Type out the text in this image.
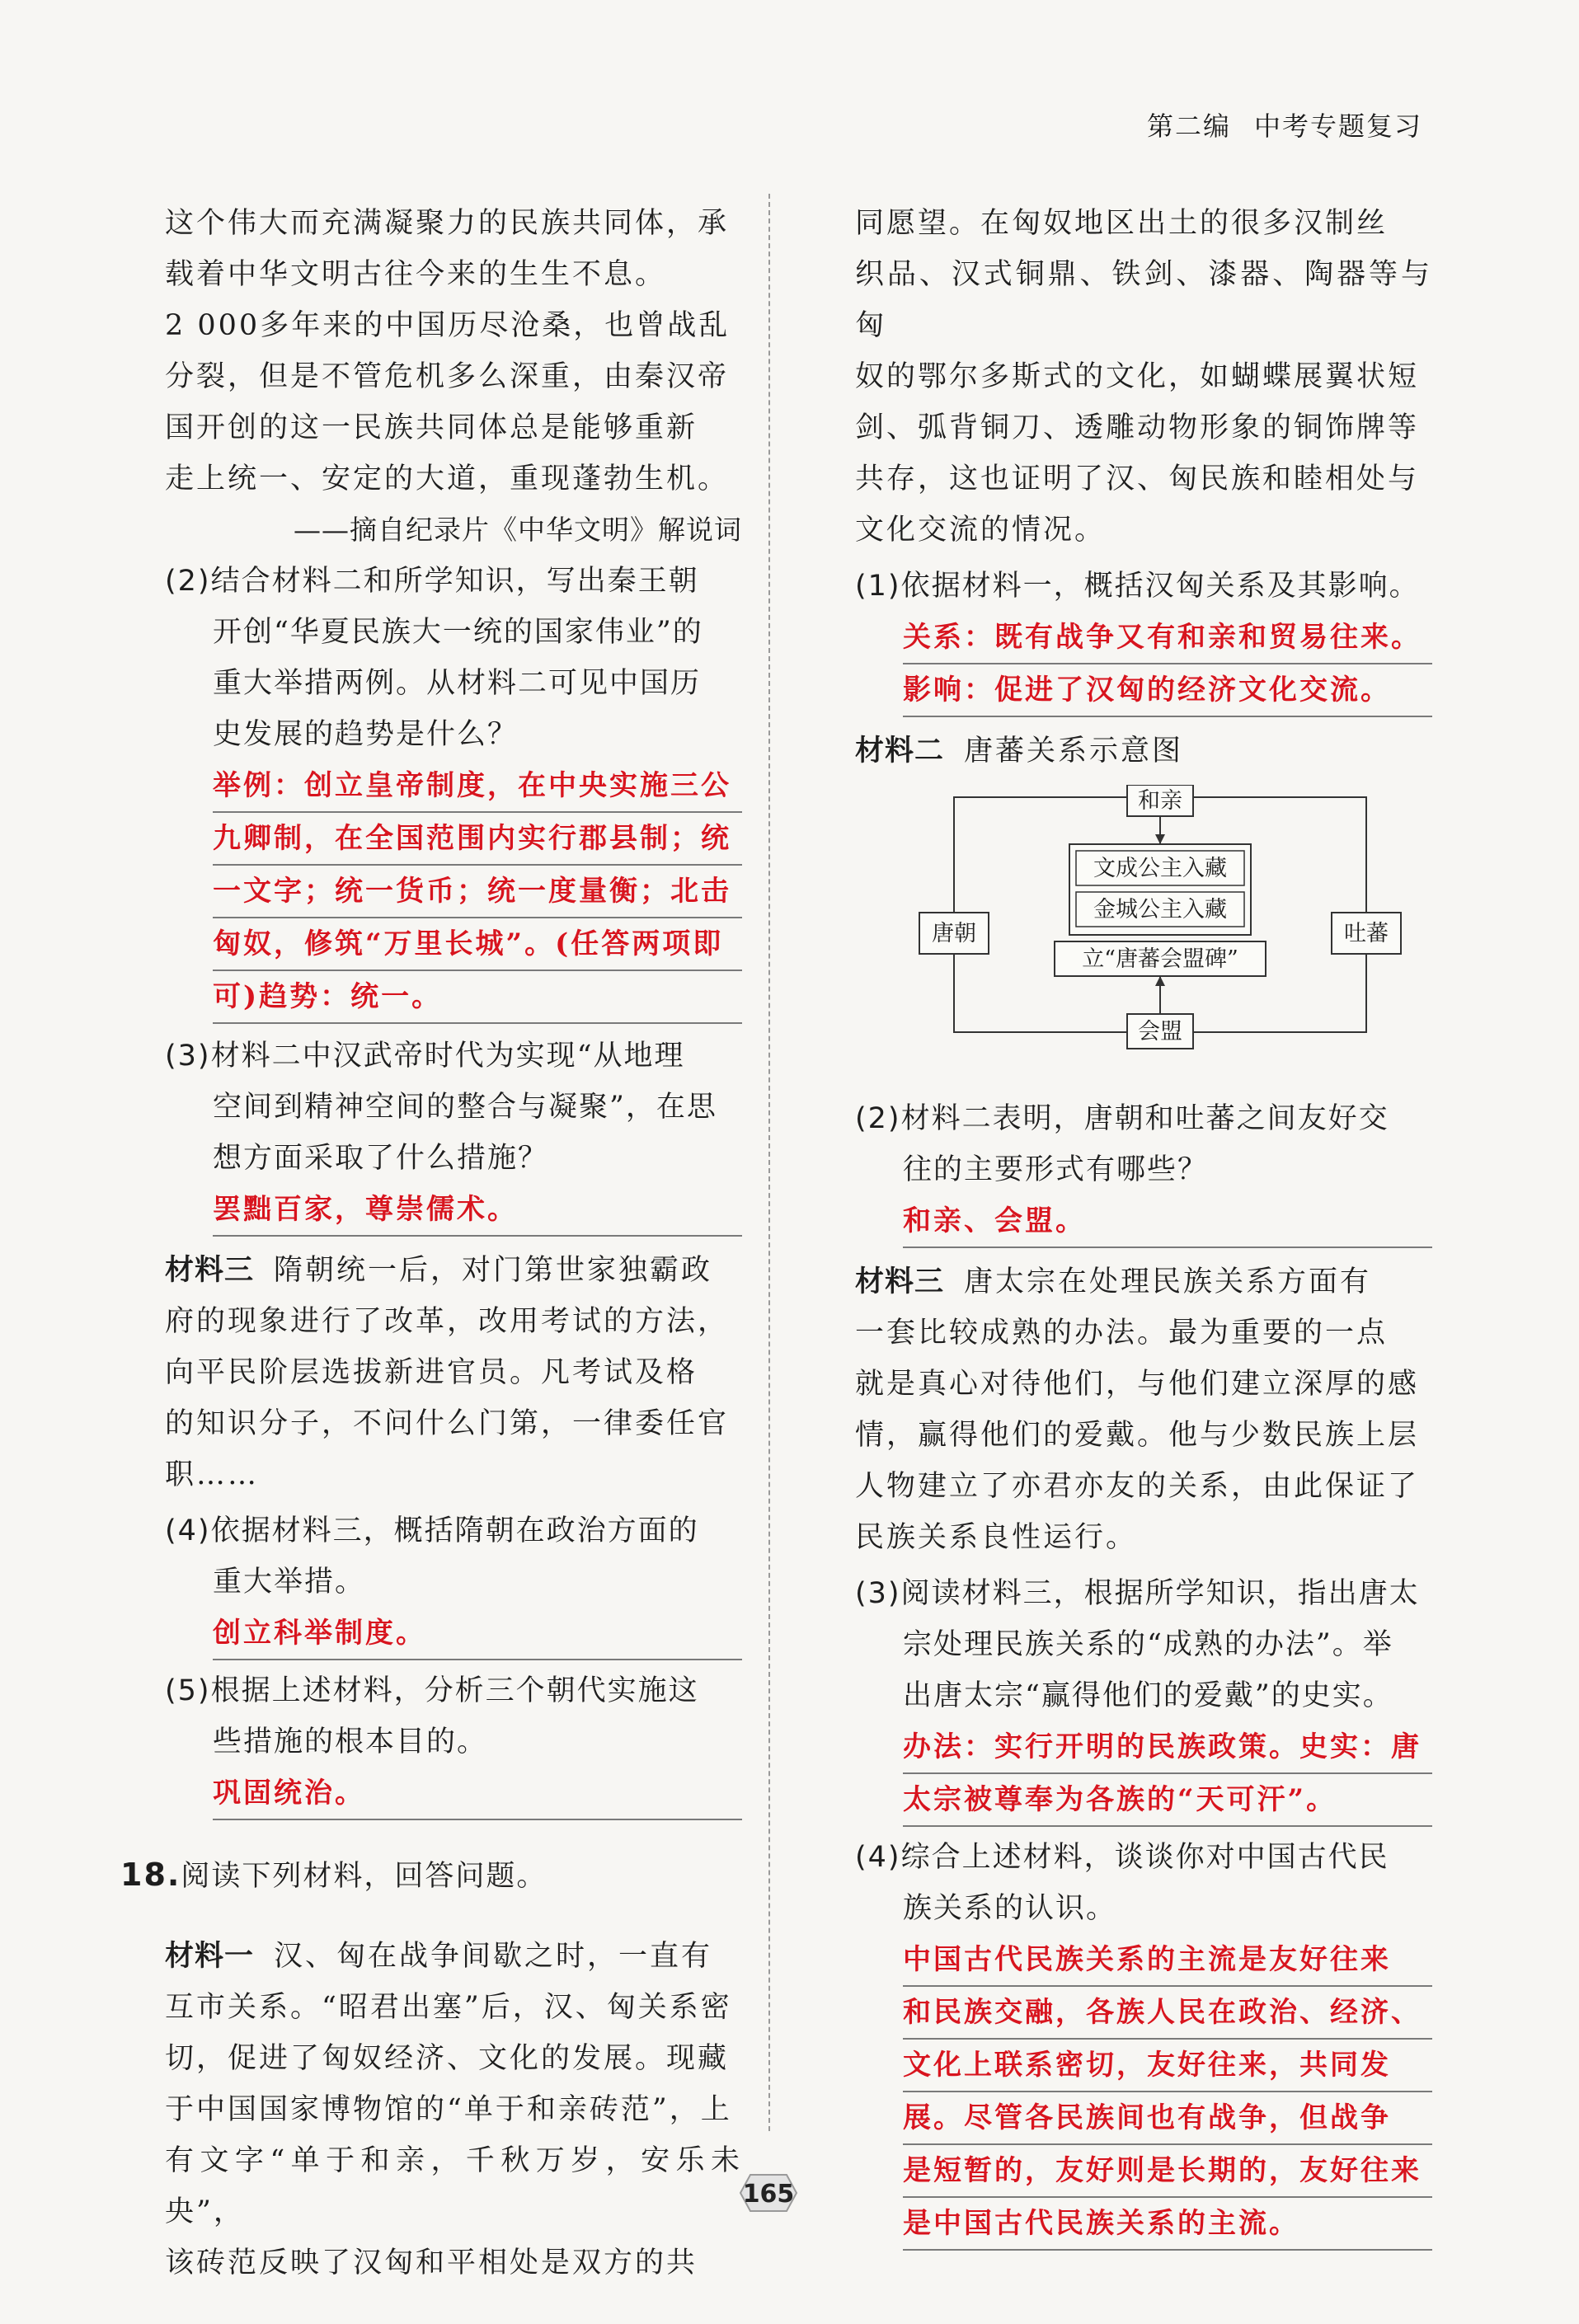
第二编 中考专题复习

这个伟大而充满凝聚力的民族共同体，承

载着中华文明古往今来的生生不息。

2 000多年来的中国历尽沧桑，也曾战乱

分裂，但是不管危机多么深重，由秦汉帝

国开创的这一民族共同体总是能够重新

走上统一、安定的大道，重现蓬勃生机。

——摘自纪录片《中华文明》解说词

(2)结合材料二和所学知识，写出秦王朝

开创“华夏民族大一统的国家伟业”的

重大举措两例。从材料二可见中国历

史发展的趋势是什么？

举例：创立皇帝制度，在中央实施三公
九卿制，在全国范围内实行郡县制；统
一文字；统一货币；统一度量衡；北击
匈奴，修筑“万里长城”。(任答两项即
可)趋势：统一。

(3)材料二中汉武帝时代为实现“从地理

空间到精神空间的整合与凝聚”，在思

想方面采取了什么措施？

罢黜百家，尊崇儒术。

材料三 隋朝统一后，对门第世家独霸政

府的现象进行了改革，改用考试的方法，

向平民阶层选拔新进官员。凡考试及格

的知识分子，不问什么门第，一律委任官

职……

(4)依据材料三，概括隋朝在政治方面的

重大举措。

创立科举制度。

(5)根据上述材料，分析三个朝代实施这

些措施的根本目的。

巩固统治。

18.阅读下列材料，回答问题。

材料一 汉、匈在战争间歇之时，一直有

互市关系。“昭君出塞”后，汉、匈关系密

切，促进了匈奴经济、文化的发展。现藏

于中国国家博物馆的“单于和亲砖范”，上

有文字“单于和亲，千秋万岁，安乐未央”，

该砖范反映了汉匈和平相处是双方的共

同愿望。在匈奴地区出土的很多汉制丝

织品、汉式铜鼎、铁剑、漆器、陶器等与匈

奴的鄂尔多斯式的文化，如蝴蝶展翼状短

剑、弧背铜刀、透雕动物形象的铜饰牌等

共存，这也证明了汉、匈民族和睦相处与

文化交流的情况。

(1)依据材料一，概括汉匈关系及其影响。

关系：既有战争又有和亲和贸易往来。
影响：促进了汉匈的经济文化交流。

材料二 唐蕃关系示意图

和亲
文成公主入藏
金城公主入藏
立“唐蕃会盟碑”
唐朝	吐蕃
会盟

(2)材料二表明，唐朝和吐蕃之间友好交

往的主要形式有哪些？

和亲、会盟。

材料三 唐太宗在处理民族关系方面有

一套比较成熟的办法。最为重要的一点

就是真心对待他们，与他们建立深厚的感

情，赢得他们的爱戴。他与少数民族上层

人物建立了亦君亦友的关系，由此保证了

民族关系良性运行。

(3)阅读材料三，根据所学知识，指出唐太

宗处理民族关系的“成熟的办法”。举

出唐太宗“赢得他们的爱戴”的史实。

办法：实行开明的民族政策。史实：唐
太宗被尊奉为各族的“天可汗”。

(4)综合上述材料，谈谈你对中国古代民

族关系的认识。

中国古代民族关系的主流是友好往来
和民族交融，各族人民在政治、经济、
文化上联系密切，友好往来，共同发
展。尽管各民族间也有战争，但战争
是短暂的，友好则是长期的，友好往来
是中国古代民族关系的主流。
165
